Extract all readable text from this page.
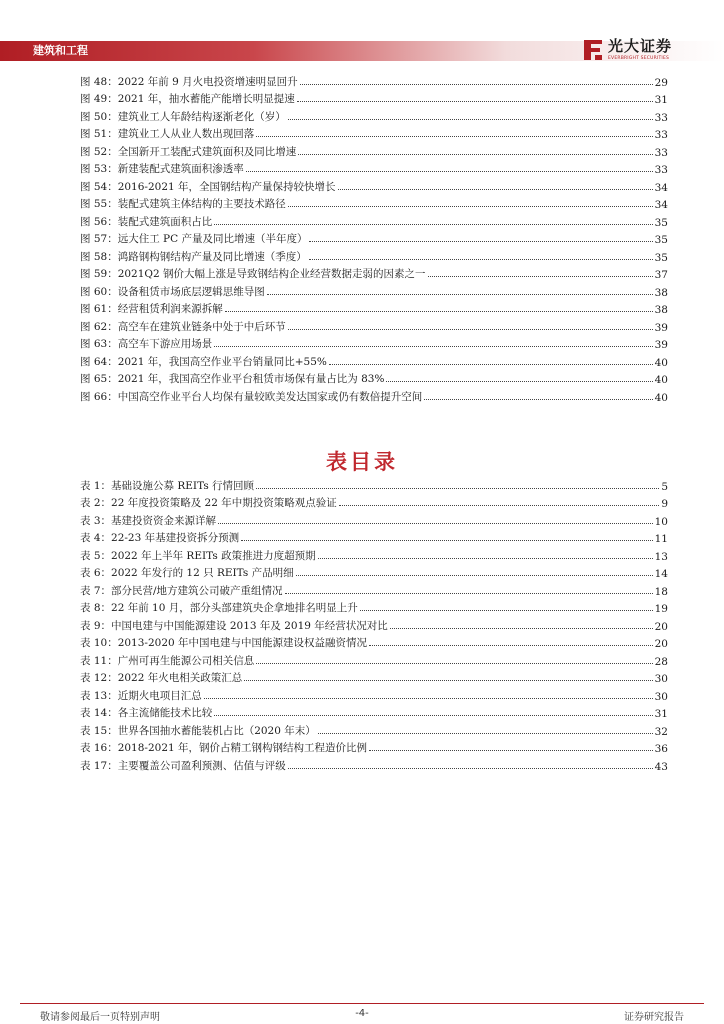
建筑和工程	光大证券
EVERBRIGHT SECURITIES
图 48：2022 年前 9 月火电投资增速明显回升	29
图 49：2021 年，抽水蓄能产能增长明显提速	31
图 50：建筑业工人年龄结构逐渐老化（岁）	33
图 51：建筑业工人从业人数出现回落	33
图 52：全国新开工装配式建筑面积及同比增速	33
图 53：新建装配式建筑面积渗透率	33
图 54：2016-2021 年，全国钢结构产量保持较快增长	34
图 55：装配式建筑主体结构的主要技术路径	34
图 56：装配式建筑面积占比	35
图 57：远大住工 PC 产量及同比增速（半年度）	35
图 58：鸿路钢构钢结构产量及同比增速（季度）	35
图 59：2021Q2 钢价大幅上涨是导致钢结构企业经营数据走弱的因素之一	37
图 60：设备租赁市场底层逻辑思维导图	38
图 61：经营租赁利润来源拆解	38
图 62：高空车在建筑业链条中处于中后环节	39
图 63：高空车下游应用场景	39
图 64：2021 年，我国高空作业平台销量同比+55%	40
图 65：2021 年，我国高空作业平台租赁市场保有量占比为 83%	40
图 66：中国高空作业平台人均保有量较欧美发达国家或仍有数倍提升空间	40
表目录
表 1：基础设施公募 REITs 行情回顾	5
表 2：22 年度投资策略及 22 年中期投资策略观点验证	9
表 3：基建投资资金来源详解	10
表 4：22-23 年基建投资拆分预测	11
表 5：2022 年上半年 REITs 政策推进力度超预期	13
表 6：2022 年发行的 12 只 REITs 产品明细	14
表 7：部分民营/地方建筑公司破产重组情况	18
表 8：22 年前 10 月，部分头部建筑央企拿地排名明显上升	19
表 9：中国电建与中国能源建设 2013 年及 2019 年经营状况对比	20
表 10：2013-2020 年中国电建与中国能源建设权益融资情况	20
表 11：广州可再生能源公司相关信息	28
表 12：2022 年火电相关政策汇总	30
表 13：近期火电项目汇总	30
表 14：各主流储能技术比较	31
表 15：世界各国抽水蓄能装机占比（2020 年末）	32
表 16：2018-2021 年，钢价占精工钢构钢结构工程造价比例	36
表 17：主要覆盖公司盈利预测、估值与评级	43
敬请参阅最后一页特别声明	-4-	证券研究报告
